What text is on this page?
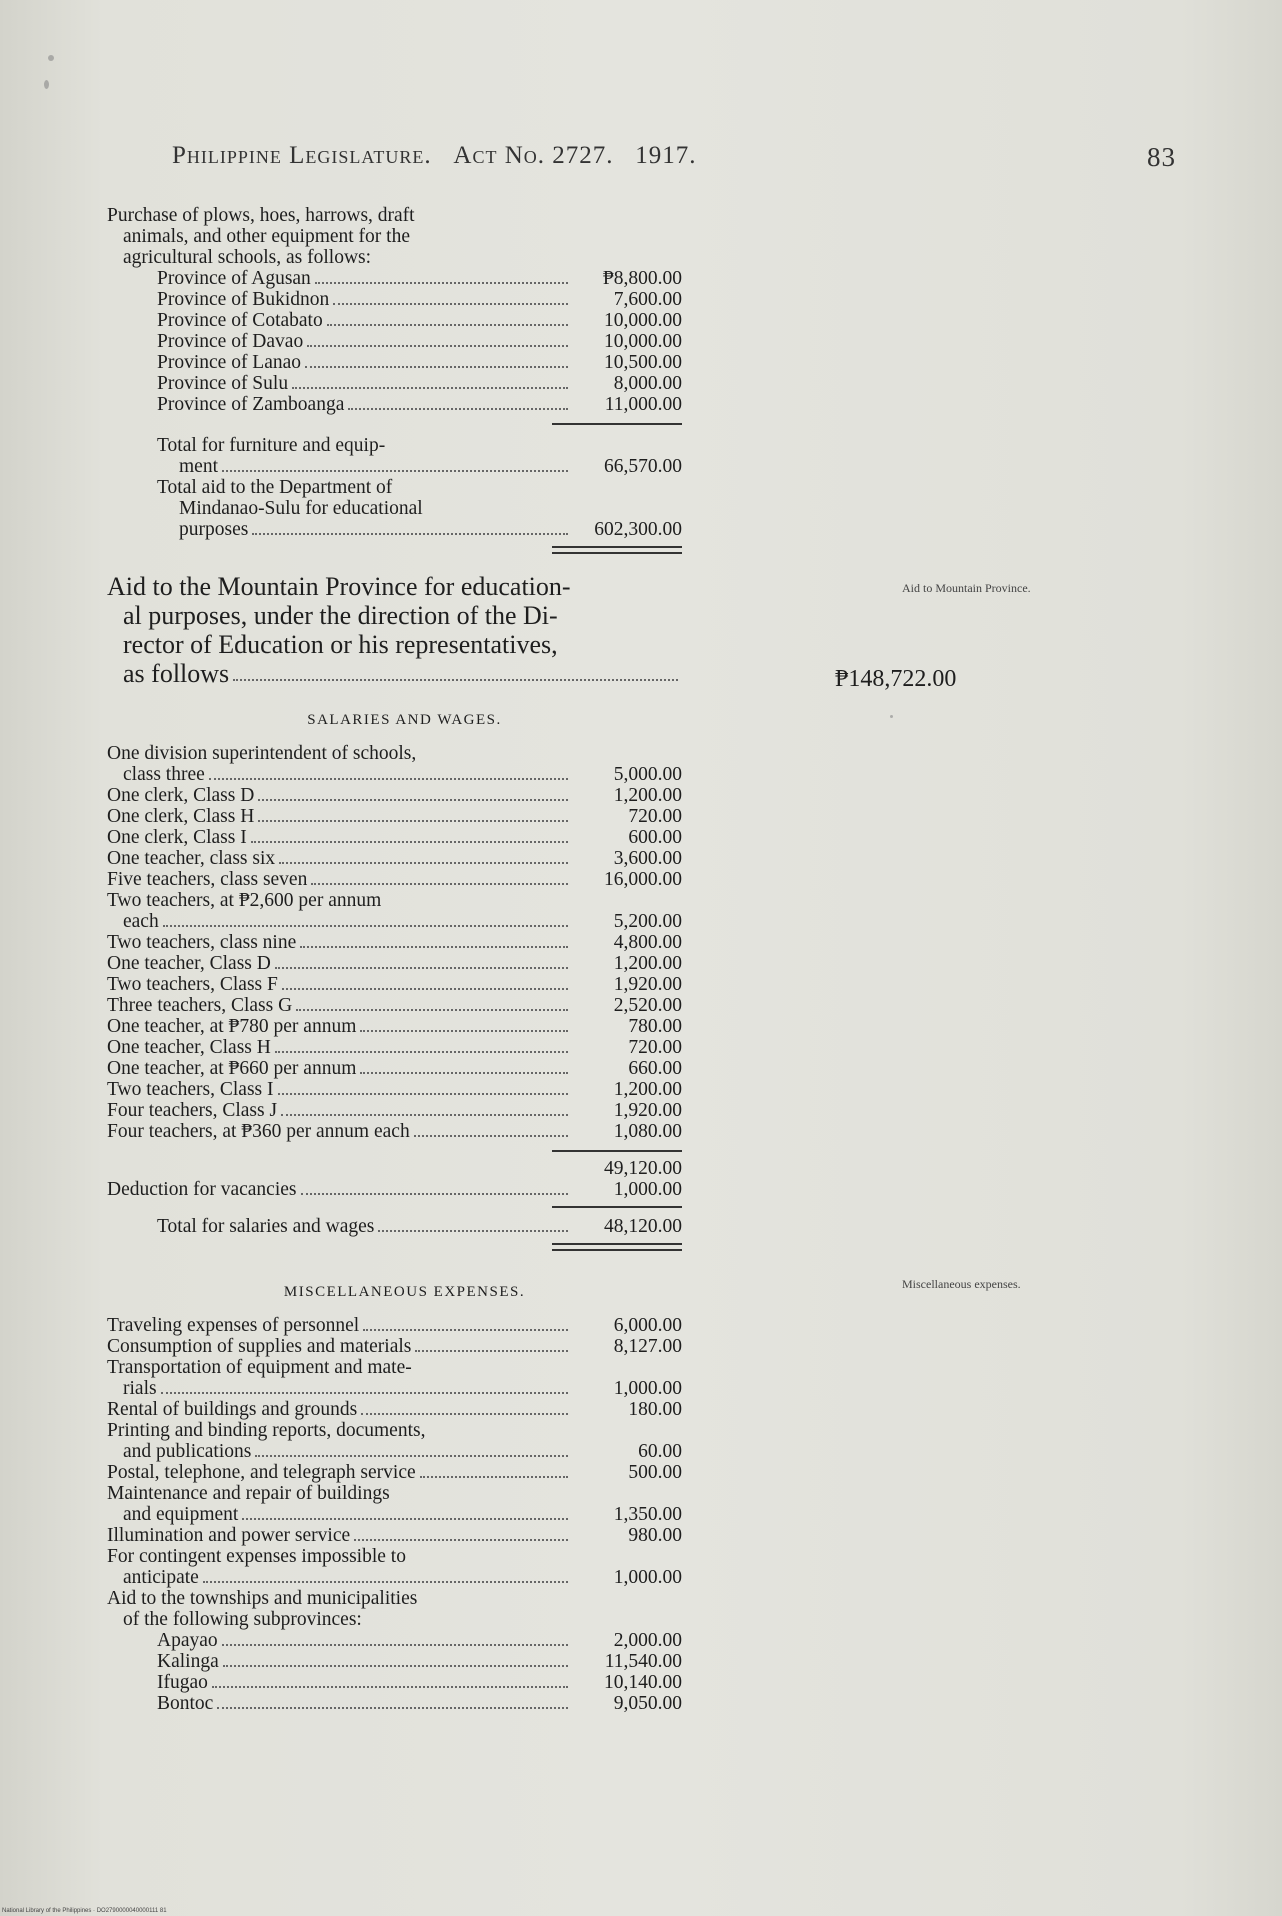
Philippine Legislature. Act No. 2727. 1917.	83
Purchase of plows, hoes, harrows, draft
animals, and other equipment for the
agricultural schools, as follows:
Province of Agusan	₱8,800.00
Province of Bukidnon	7,600.00
Province of Cotabato	10,000.00
Province of Davao	10,000.00
Province of Lanao	10,500.00
Province of Sulu	8,000.00
Province of Zamboanga	11,000.00
Total for furniture and equip-
ment	66,570.00
Total aid to the Department of
Mindanao-Sulu for educational
purposes	602,300.00
Aid to the Mountain Province for education-
al purposes, under the direction of the Di-
rector of Education or his representatives,
as follows	₱148,722.00
Aid to Mountain Province.
SALARIES AND WAGES.
One division superintendent of schools,
class three	5,000.00
One clerk, Class D	1,200.00
One clerk, Class H	720.00
One clerk, Class I	600.00
One teacher, class six	3,600.00
Five teachers, class seven	16,000.00
Two teachers, at ₱2,600 per annum
each	5,200.00
Two teachers, class nine	4,800.00
One teacher, Class D	1,200.00
Two teachers, Class F	1,920.00
Three teachers, Class G	2,520.00
One teacher, at ₱780 per annum	780.00
One teacher, Class H	720.00
One teacher, at ₱660 per annum	660.00
Two teachers, Class I	1,200.00
Four teachers, Class J	1,920.00
Four teachers, at ₱360 per annum each	1,080.00
49,120.00
Deduction for vacancies	1,000.00
Total for salaries and wages	48,120.00
Miscellaneous expenses.
MISCELLANEOUS EXPENSES.
Traveling expenses of personnel	6,000.00
Consumption of supplies and materials	8,127.00
Transportation of equipment and mate-
rials	1,000.00
Rental of buildings and grounds	180.00
Printing and binding reports, documents,
and publications	60.00
Postal, telephone, and telegraph service	500.00
Maintenance and repair of buildings
and equipment	1,350.00
Illumination and power service	980.00
For contingent expenses impossible to
anticipate	1,000.00
Aid to the townships and municipalities
of the following subprovinces:
Apayao	2,000.00
Kalinga	11,540.00
Ifugao	10,140.00
Bontoc	9,050.00
National Library of the Philippines · DO2790000040000111 81
